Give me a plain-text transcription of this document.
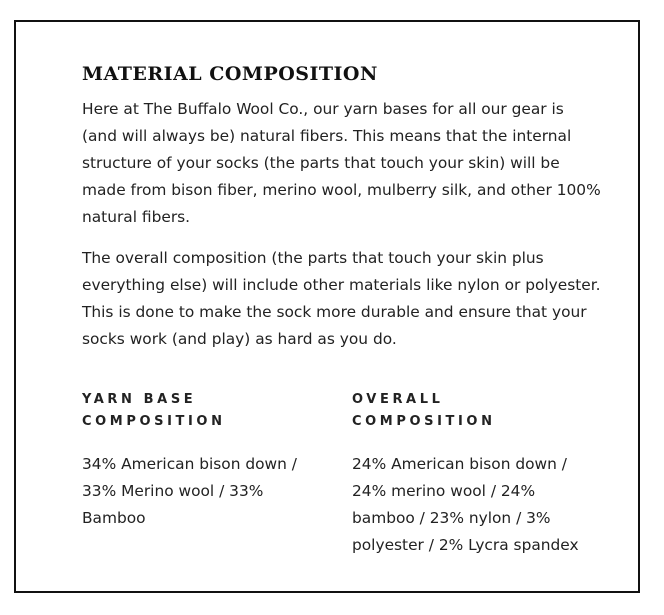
MATERIAL COMPOSITION

Here at The Buffalo Wool Co., our yarn bases for all our gear is (and will always be) natural fibers. This means that the internal structure of your socks (the parts that touch your skin) will be made from bison fiber, merino wool, mulberry silk, and other 100% natural fibers.

The overall composition (the parts that touch your skin plus everything else) will include other materials like nylon or polyester. This is done to make the sock more durable and ensure that your socks work (and play) as hard as you do.

YARN BASE
COMPOSITION

34% American bison down /
33% Merino wool / 33%
Bamboo

OVERALL
COMPOSITION

24% American bison down /
24% merino wool / 24%
bamboo / 23% nylon / 3%
polyester / 2% Lycra spandex
